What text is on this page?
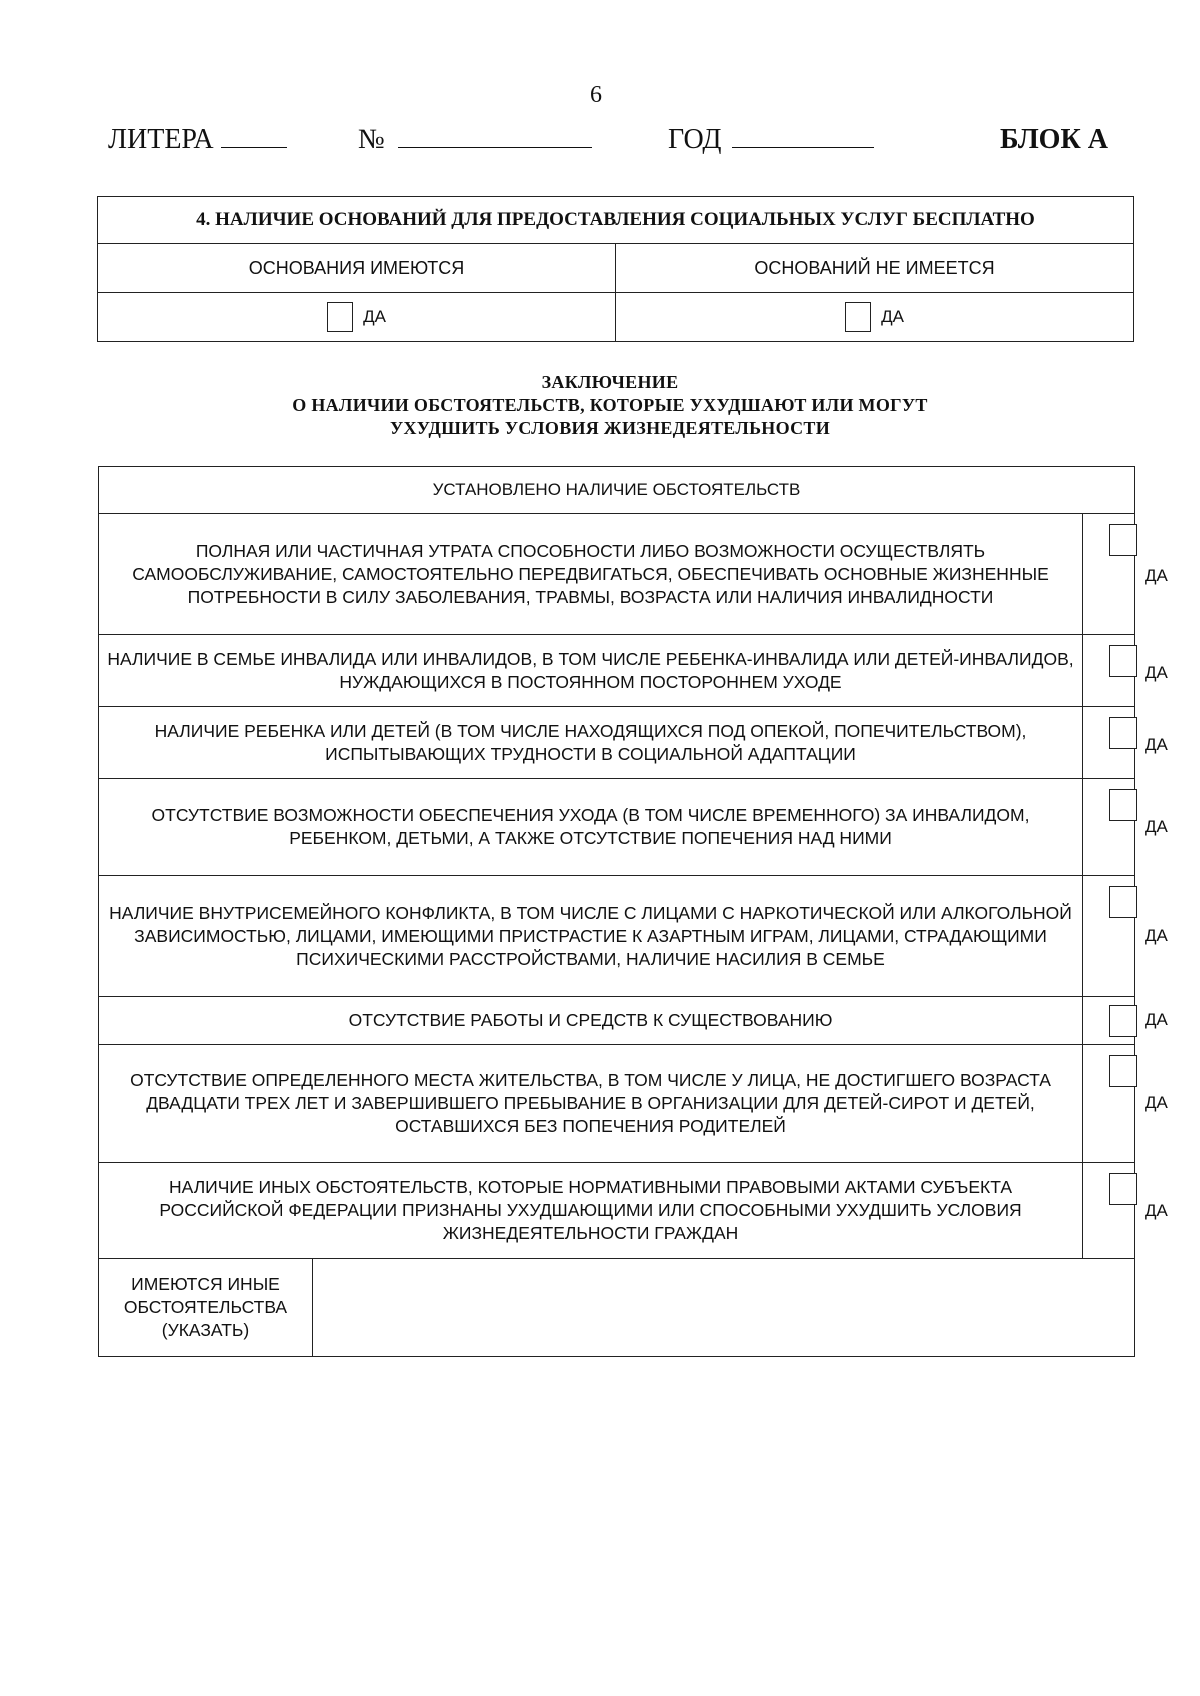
6
ЛИТЕРА	№	ГОД	БЛОК А
4. НАЛИЧИЕ ОСНОВАНИЙ ДЛЯ ПРЕДОСТАВЛЕНИЯ СОЦИАЛЬНЫХ УСЛУГ БЕСПЛАТНО	
ОСНОВАНИЯ ИМЕЮТСЯ	ОСНОВАНИЙ НЕ ИМЕЕТСЯ
ДА	ДА
ЗАКЛЮЧЕНИЕ
О НАЛИЧИИ ОБСТОЯТЕЛЬСТВ, КОТОРЫЕ УХУДШАЮТ ИЛИ МОГУТ
УХУДШИТЬ УСЛОВИЯ ЖИЗНЕДЕЯТЕЛЬНОСТИ
УСТАНОВЛЕНО НАЛИЧИЕ ОБСТОЯТЕЛЬСТВ		
ПОЛНАЯ ИЛИ ЧАСТИЧНАЯ УТРАТА СПОСОБНОСТИ ЛИБО ВОЗМОЖНОСТИ ОСУЩЕСТВЛЯТЬ САМООБСЛУЖИВАНИЕ, САМОСТОЯТЕЛЬНО ПЕРЕДВИГАТЬСЯ, ОБЕСПЕЧИВАТЬ ОСНОВНЫЕ ЖИЗНЕННЫЕ ПОТРЕБНОСТИ В СИЛУ ЗАБОЛЕВАНИЯ, ТРАВМЫ, ВОЗРАСТА ИЛИ НАЛИЧИЯ ИНВАЛИДНОСТИ		ДА

НАЛИЧИЕ В СЕМЬЕ ИНВАЛИДА ИЛИ ИНВАЛИДОВ, В ТОМ ЧИСЛЕ РЕБЕНКА-ИНВАЛИДА ИЛИ ДЕТЕЙ-ИНВАЛИДОВ, НУЖДАЮЩИХСЯ В ПОСТОЯННОМ ПОСТОРОННЕМ УХОДЕ		ДА

НАЛИЧИЕ РЕБЕНКА ИЛИ ДЕТЕЙ (В ТОМ ЧИСЛЕ НАХОДЯЩИХСЯ ПОД ОПЕКОЙ, ПОПЕЧИТЕЛЬСТВОМ), ИСПЫТЫВАЮЩИХ ТРУДНОСТИ В СОЦИАЛЬНОЙ АДАПТАЦИИ		ДА

ОТСУТСТВИЕ ВОЗМОЖНОСТИ ОБЕСПЕЧЕНИЯ УХОДА (В ТОМ ЧИСЛЕ ВРЕМЕННОГО) ЗА ИНВАЛИДОМ, РЕБЕНКОМ, ДЕТЬМИ, А ТАКЖЕ ОТСУТСТВИЕ ПОПЕЧЕНИЯ НАД НИМИ		ДА

НАЛИЧИЕ ВНУТРИСЕМЕЙНОГО КОНФЛИКТА, В ТОМ ЧИСЛЕ С ЛИЦАМИ С НАРКОТИЧЕСКОЙ ИЛИ АЛКОГОЛЬНОЙ ЗАВИСИМОСТЬЮ, ЛИЦАМИ, ИМЕЮЩИМИ ПРИСТРАСТИЕ К АЗАРТНЫМ ИГРАМ, ЛИЦАМИ, СТРАДАЮЩИМИ ПСИХИЧЕСКИМИ РАССТРОЙСТВАМИ, НАЛИЧИЕ НАСИЛИЯ В СЕМЬЕ		ДА

ОТСУТСТВИЕ РАБОТЫ И СРЕДСТВ К СУЩЕСТВОВАНИЮ		ДА

ОТСУТСТВИЕ ОПРЕДЕЛЕННОГО МЕСТА ЖИТЕЛЬСТВА, В ТОМ ЧИСЛЕ У ЛИЦА, НЕ ДОСТИГШЕГО ВОЗРАСТА ДВАДЦАТИ ТРЕХ ЛЕТ И ЗАВЕРШИВШЕГО ПРЕБЫВАНИЕ В ОРГАНИЗАЦИИ ДЛЯ ДЕТЕЙ-СИРОТ И ДЕТЕЙ, ОСТАВШИХСЯ БЕЗ ПОПЕЧЕНИЯ РОДИТЕЛЕЙ		ДА

НАЛИЧИЕ ИНЫХ ОБСТОЯТЕЛЬСТВ, КОТОРЫЕ НОРМАТИВНЫМИ ПРАВОВЫМИ АКТАМИ СУБЪЕКТА РОССИЙСКОЙ ФЕДЕРАЦИИ ПРИЗНАНЫ УХУДШАЮЩИМИ ИЛИ СПОСОБНЫМИ УХУДШИТЬ УСЛОВИЯ ЖИЗНЕДЕЯТЕЛЬНОСТИ ГРАЖДАН		ДА

ИМЕЮТСЯ ИНЫЕ ОБСТОЯТЕЛЬСТВА (УКАЗАТЬ)		
